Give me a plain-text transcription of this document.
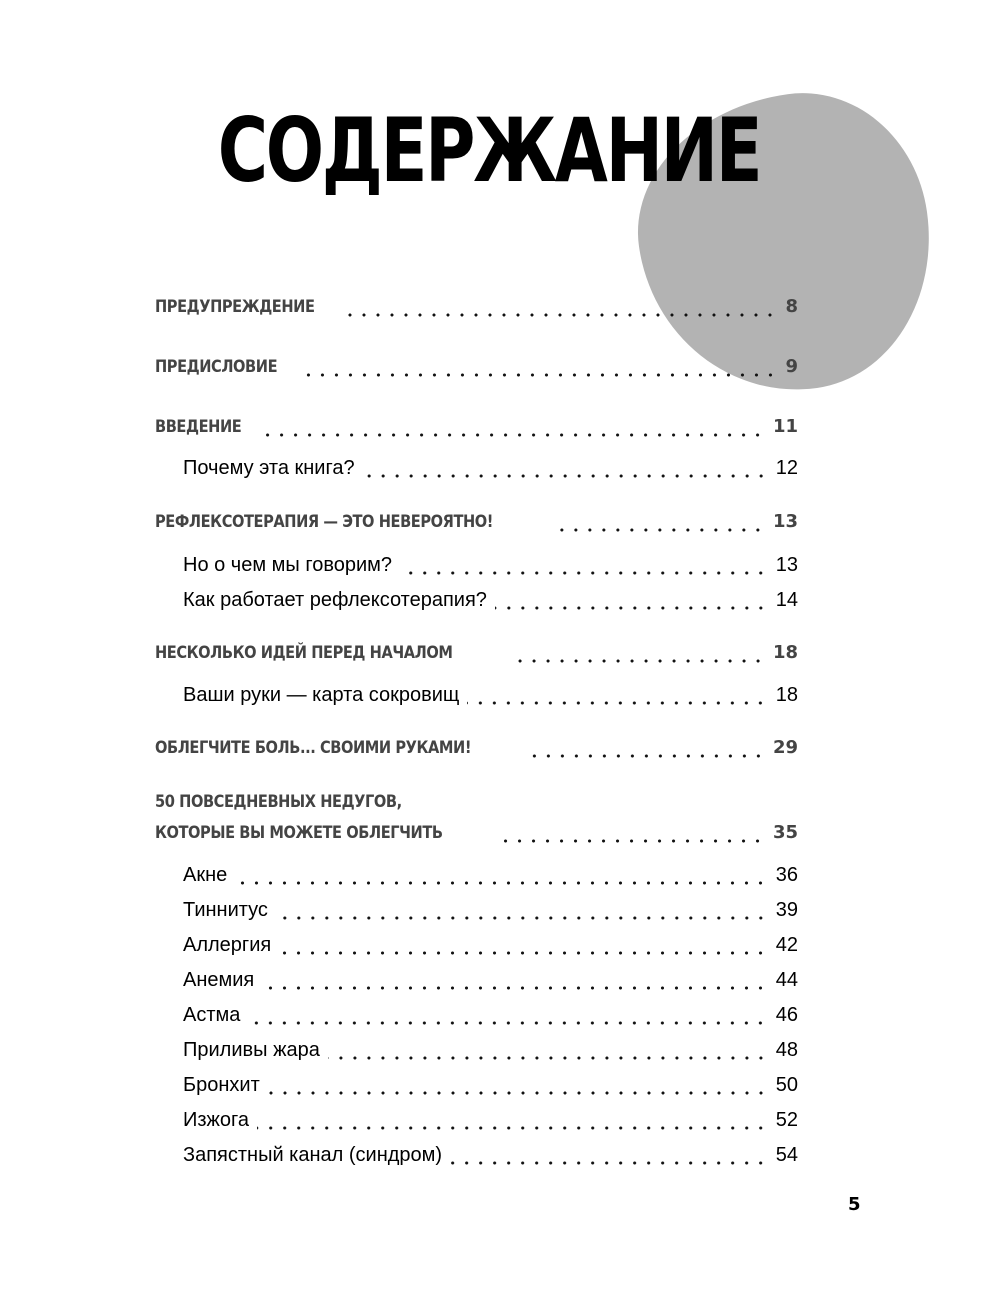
СОДЕРЖАНИЕ
ПРЕДУПРЕЖДЕНИЕ	8
ПРЕДИСЛОВИЕ	9
ВВЕДЕНИЕ	11
Почему эта книга?	12
РЕФЛЕКСОТЕРАПИЯ — ЭТО НЕВЕРОЯТНО!	13
Но о чем мы говорим?	13
Как работает рефлексотерапия?	14
НЕСКОЛЬКО ИДЕЙ ПЕРЕД НАЧАЛОМ	18
Ваши руки — карта сокровищ	18
ОБЛЕГЧИТЕ БОЛЬ... СВОИМИ РУКАМИ!	29
50 ПОВСЕДНЕВНЫХ НЕДУГОВ,
КОТОРЫЕ ВЫ МОЖЕТЕ ОБЛЕГЧИТЬ	35
Акне	36
Тиннитус	39
Аллергия	42
Анемия	44
Астма	46
Приливы жара	48
Бронхит	50
Изжога	52
Запястный канал (синдром)	54
5
